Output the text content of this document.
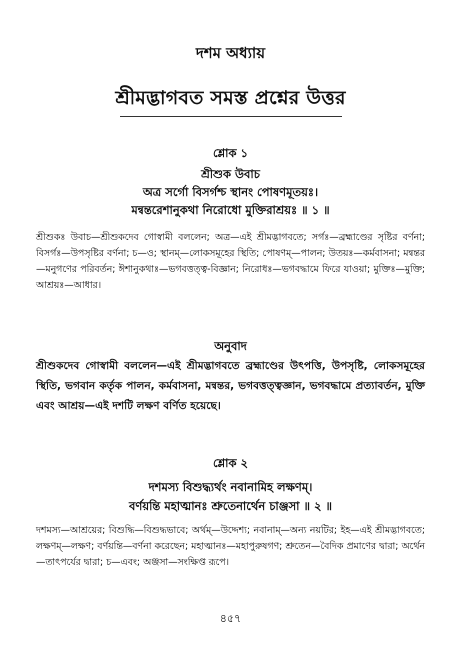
দশম অধ্যায়
শ্রীমদ্ভাগবত সমস্ত প্রশ্নের উত্তর
শ্লোক ১
শ্রীশুক উবাচ
অত্র সর্গো বিসর্গশ্চ স্থানং পোষণমূতয়ঃ।
মন্বন্তরেশানুকথা নিরোধো মুক্তিরাশ্রয়ঃ ॥ ১ ॥
শ্রীশুকঃ উবাচ—শ্রীশুকদেব গোস্বামী বললেন; অত্র—এই শ্রীমদ্ভাগবতে; সর্গঃ—ব্রহ্মাণ্ডের সৃষ্টির বর্ণনা; বিসর্গঃ—উপসৃষ্টির বর্ণনা; চ—ও; স্থানম্—লোকসমূহের স্থিতি; পোষণম্—পালন; উতয়ঃ—কর্মবাসনা; মন্বন্তর—মনুগণের পরিবর্তন; ঈশানুকথাঃ—ভগবত্তত্ত্ব-বিজ্ঞান; নিরোধঃ—ভগবদ্ধামে ফিরে যাওয়া; মুক্তিঃ—মুক্তি; আশ্রয়ঃ—আধার।
অনুবাদ
শ্রীশুকদেব গোস্বামী বললেন—এই শ্রীমদ্ভাগবতে ব্রহ্মাণ্ডের উৎপত্তি, উপসৃষ্টি, লোকসমূহের স্থিতি, ভগবান কর্তৃক পালন, কর্মবাসনা, মন্বন্তর, ভগবত্তত্ত্বজ্ঞান, ভগবদ্ধামে প্রত্যাবর্তন, মুক্তি এবং আশ্রয়—এই দশটি লক্ষণ বর্ণিত হয়েছে।
শ্লোক ২
দশমস্য বিশুদ্ধ্যর্থং নবানামিহ লক্ষণম্।
বর্ণয়ন্তি মহাত্মানঃ শ্রুতেনার্থেন চাঞ্জসা ॥ ২ ॥
দশমস্য—আশ্রয়ের; বিশুদ্ধি—বিশুদ্ধভাবে; অর্থম্—উদ্দেশ্য; নবানাম্—অন্য নয়টির; ইহ—এই শ্রীমদ্ভাগবতে; লক্ষণম্—লক্ষণ; বর্ণয়ন্তি—বর্ণনা করেছেন; মহাত্মানঃ—মহাপুরুষগণ; শ্রুতেন—বৈদিক প্রমাণের দ্বারা; অর্থেন—তাৎপর্যের দ্বারা; চ—এবং; অঞ্জসা—সংক্ষিপ্ত রূপে।
৪৫৭
